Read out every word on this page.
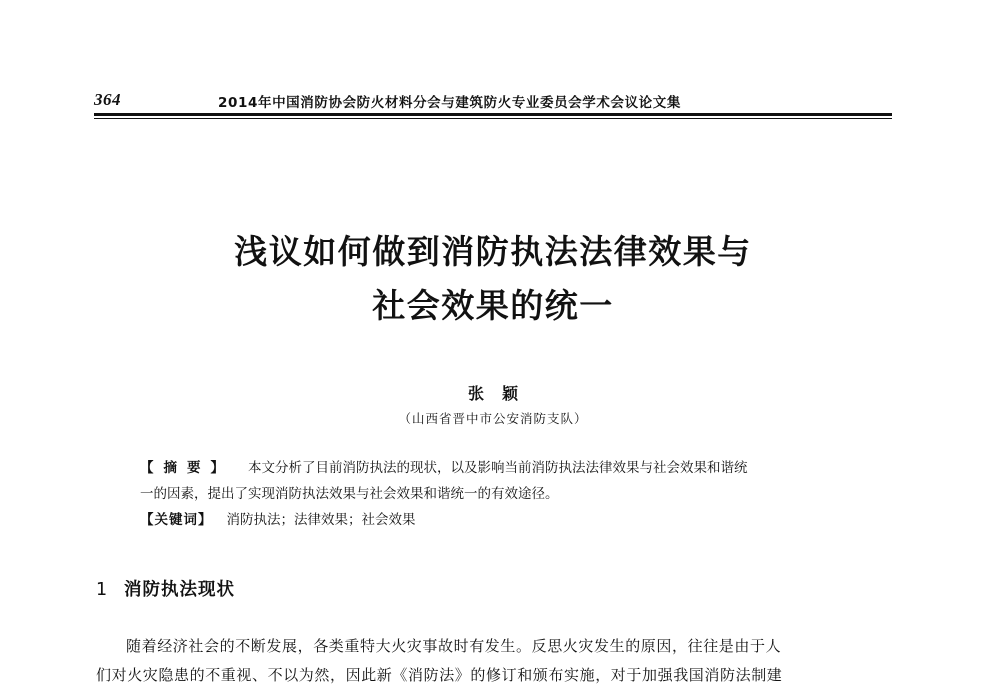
364	2014年中国消防协会防火材料分会与建筑防火专业委员会学术会议论文集
浅议如何做到消防执法法律效果与
社会效果的统一
张颖
（山西省晋中市公安消防支队）
【摘要】 本文分析了目前消防执法的现状，以及影响当前消防执法法律效果与社会效果和谐统
一的因素，提出了实现消防执法效果与社会效果和谐统一的有效途径。
【关键词】 消防执法；法律效果；社会效果
1 消防执法现状
随着经济社会的不断发展，各类重特大火灾事故时有发生。反思火灾发生的原因，往往是由于人
们对火灾隐患的不重视、不以为然，因此新《消防法》的修订和颁布实施，对于加强我国消防法制建
